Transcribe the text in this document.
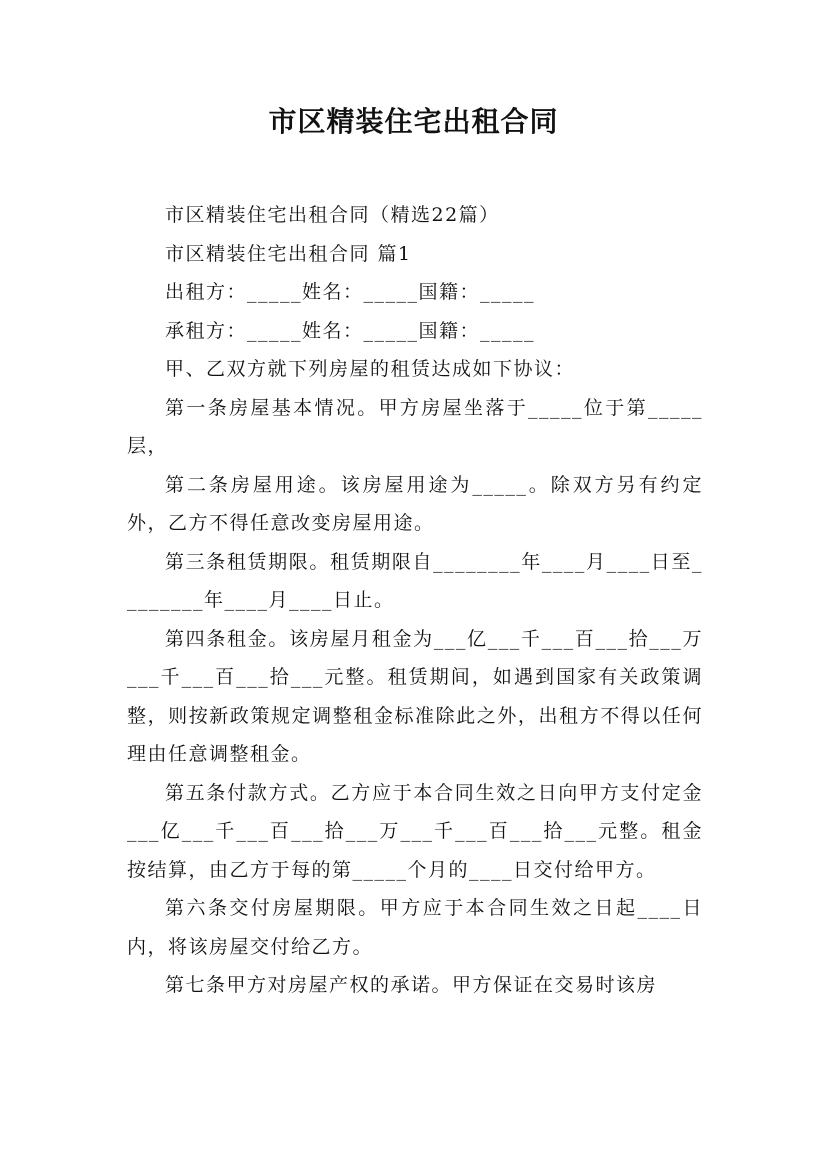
市区精装住宅出租合同

市区精装住宅出租合同（精选22篇）

市区精装住宅出租合同 篇1

出租方：_____姓名：_____国籍：_____

承租方：_____姓名：_____国籍：_____

甲、乙双方就下列房屋的租赁达成如下协议：

第一条房屋基本情况。甲方房屋坐落于_____位于第_____层，

第二条房屋用途。该房屋用途为_____。除双方另有约定外，乙方不得任意改变房屋用途。

第三条租赁期限。租赁期限自________年____月____日至________年____月____日止。

第四条租金。该房屋月租金为___亿___千___百___拾___万___千___百___拾___元整。租赁期间，如遇到国家有关政策调整，则按新政策规定调整租金标准除此之外，出租方不得以任何理由任意调整租金。

第五条付款方式。乙方应于本合同生效之日向甲方支付定金___亿___千___百___拾___万___千___百___拾___元整。租金按结算，由乙方于每的第_____个月的____日交付给甲方。

第六条交付房屋期限。甲方应于本合同生效之日起____日内，将该房屋交付给乙方。

第七条甲方对房屋产权的承诺。甲方保证在交易时该房
